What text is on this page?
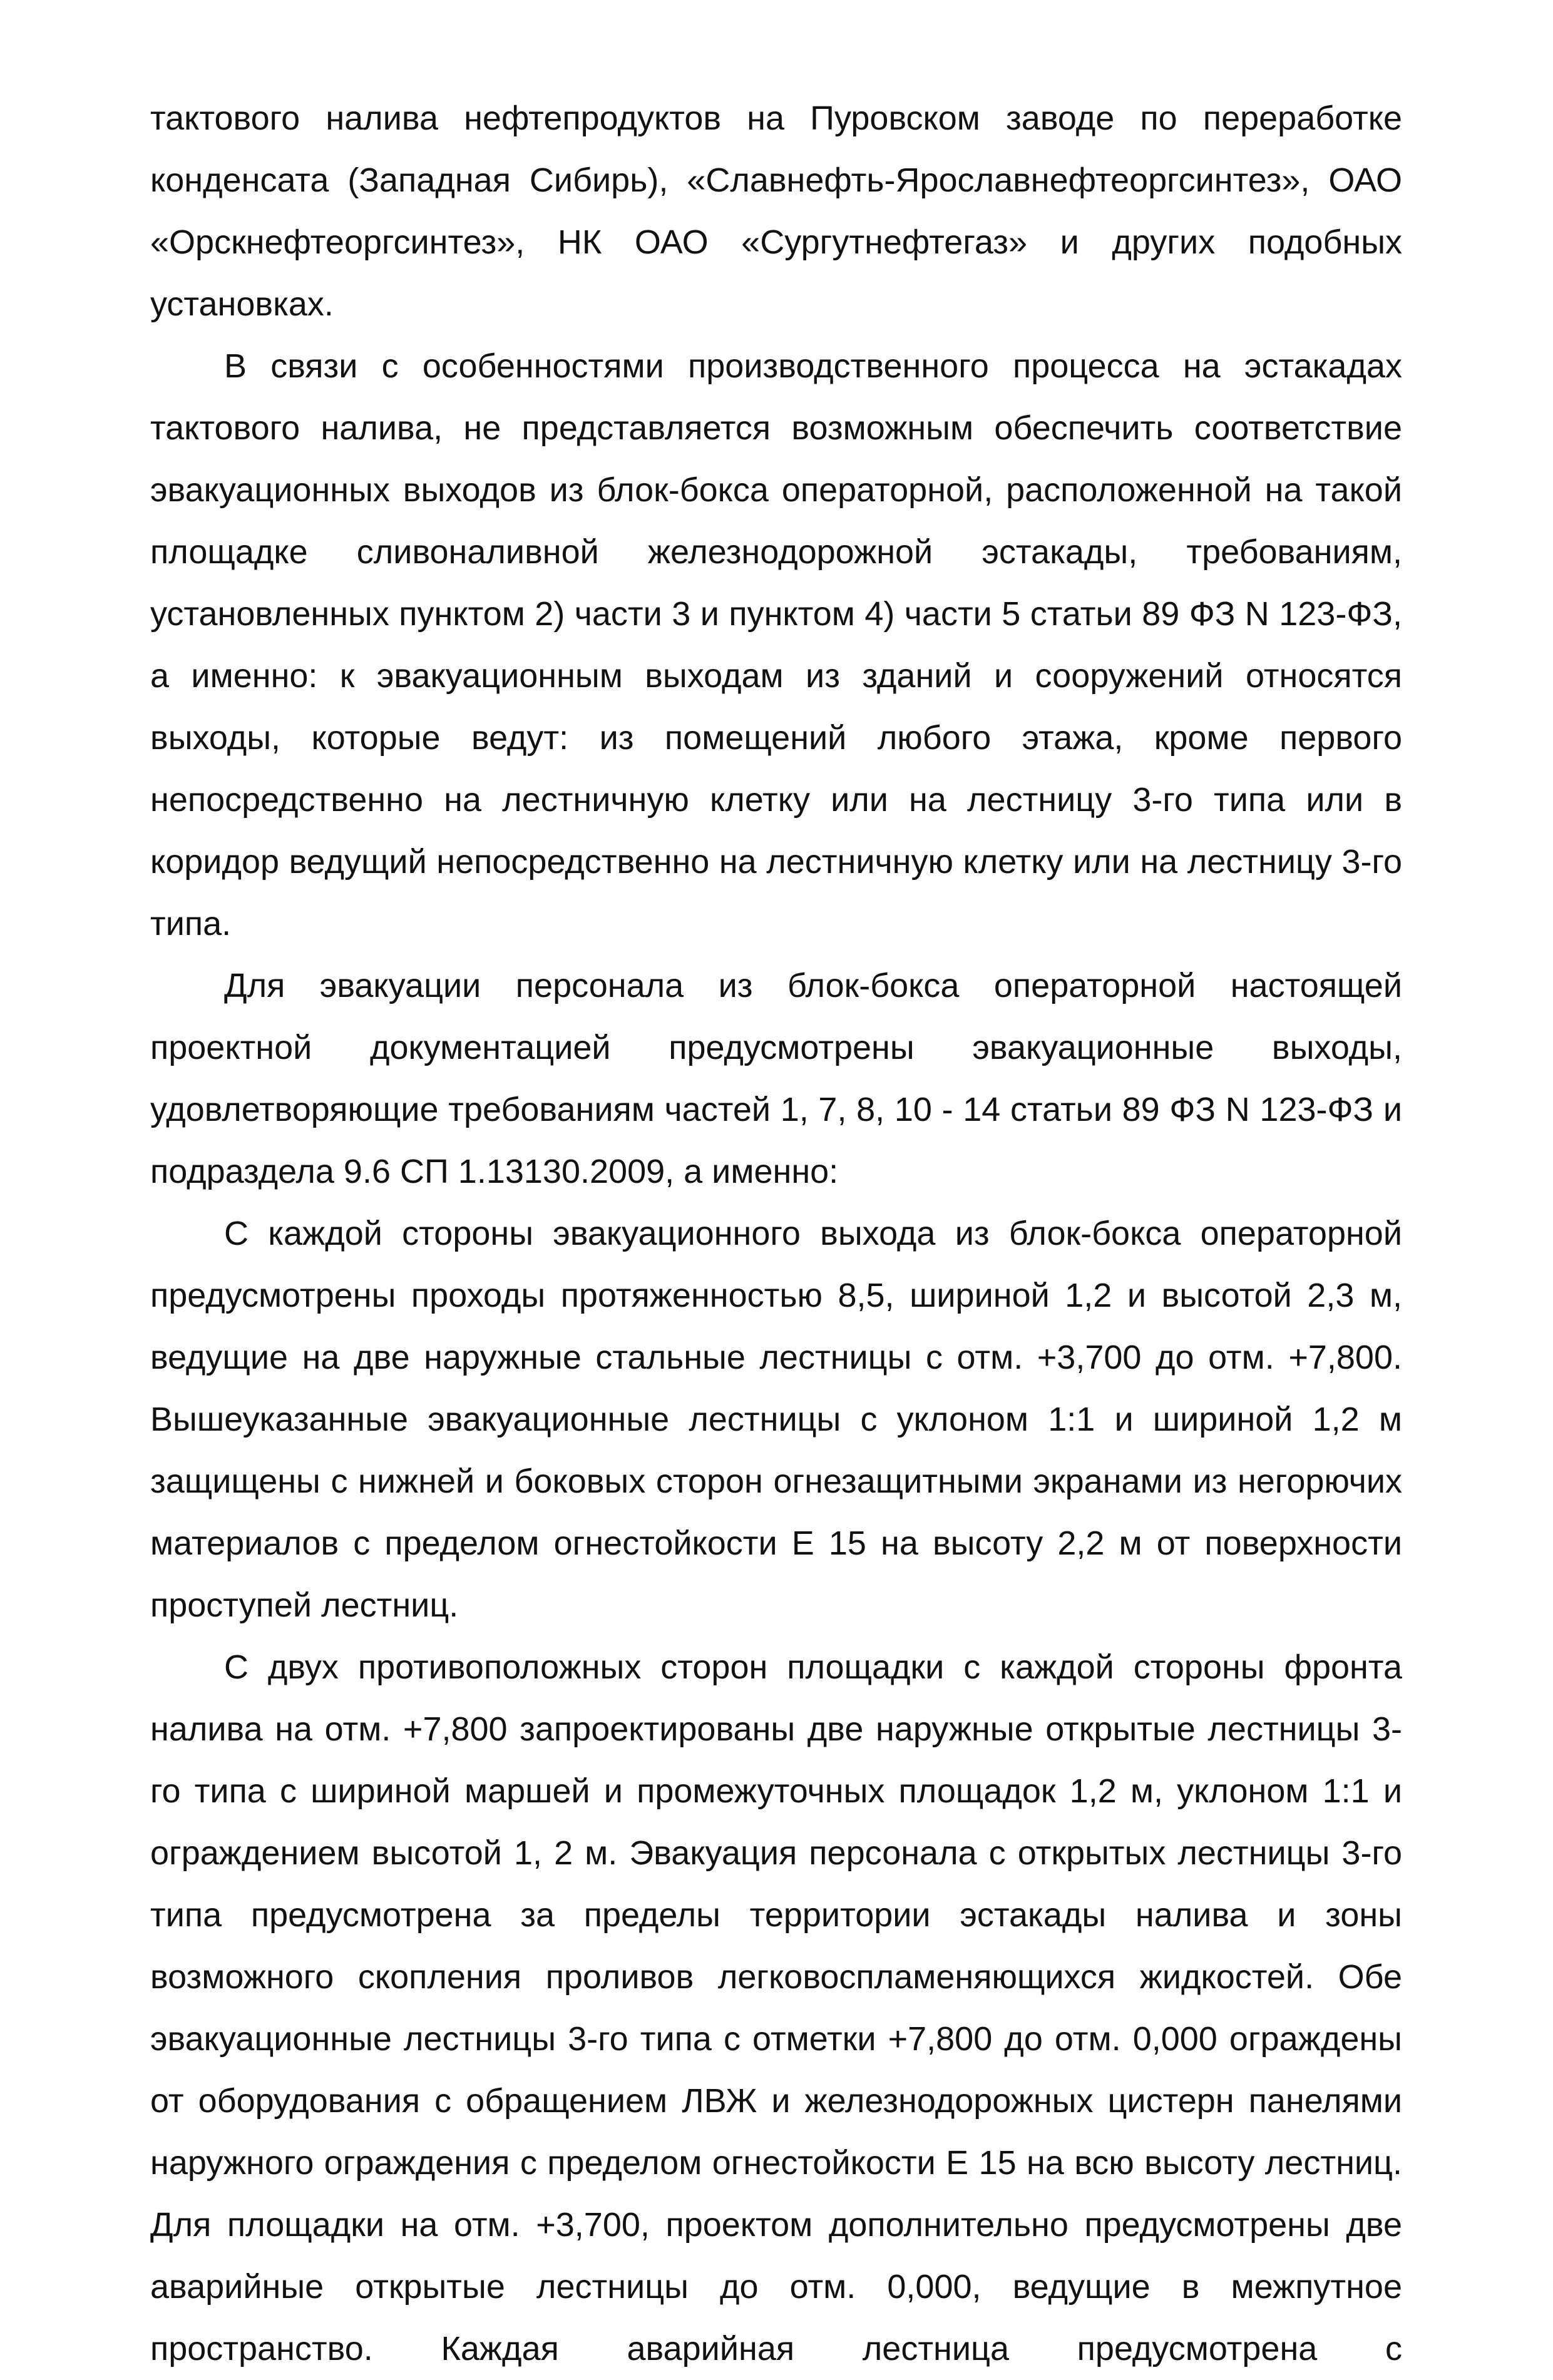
тактового налива нефтепродуктов на Пуровском заводе по переработке конденсата (Западная Сибирь), «Славнефть-Ярославнефтеоргсинтез», ОАО «Орскнефтеоргсинтез», НК ОАО «Сургутнефтегаз» и других подобных установках.

В связи с особенностями производственного процесса на эстакадах тактового налива, не представляется возможным обеспечить соответствие эвакуационных выходов из блок-бокса операторной, расположенной на такой площадке сливоналивной железнодорожной эстакады, требованиям, установленных пунктом 2) части 3 и пунктом 4) части 5 статьи 89 ФЗ N 123-ФЗ, а именно: к эвакуационным выходам из зданий и сооружений относятся выходы, которые ведут: из помещений любого этажа, кроме первого непосредственно на лестничную клетку или на лестницу 3-го типа или в коридор ведущий непосредственно на лестничную клетку или на лестницу 3-го типа.

Для эвакуации персонала из блок-бокса операторной настоящей проектной документацией предусмотрены эвакуационные выходы, удовлетворяющие требованиям частей 1, 7, 8, 10 - 14 статьи 89 ФЗ N 123-ФЗ и подраздела 9.6 СП 1.13130.2009, а именно:

С каждой стороны эвакуационного выхода из блок-бокса операторной предусмотрены проходы протяженностью 8,5, шириной 1,2 и высотой 2,3 м, ведущие на две наружные стальные лестницы с отм. +3,700 до отм. +7,800. Вышеуказанные эвакуационные лестницы с уклоном 1:1 и шириной 1,2 м защищены с нижней и боковых сторон огнезащитными экранами из негорючих материалов с пределом огнестойкости Е 15 на высоту 2,2 м от поверхности проступей лестниц.

С двух противоположных сторон площадки с каждой стороны фронта налива на отм. +7,800 запроектированы две наружные открытые лестницы 3-го типа с шириной маршей и промежуточных площадок 1,2 м, уклоном 1:1 и ограждением высотой 1, 2 м. Эвакуация персонала с открытых лестницы 3-го типа предусмотрена за пределы территории эстакады налива и зоны возможного скопления проливов легковоспламеняющихся жидкостей. Обе эвакуационные лестницы 3-го типа с отметки +7,800 до отм. 0,000 ограждены от оборудования с обращением ЛВЖ и железнодорожных цистерн панелями наружного ограждения с пределом огнестойкости Е 15 на всю высоту лестниц. Для площадки на отм. +3,700, проектом дополнительно предусмотрены две аварийные открытые лестницы до отм. 0,000, ведущие в межпутное пространство. Каждая аварийная лестница предусмотрена с
